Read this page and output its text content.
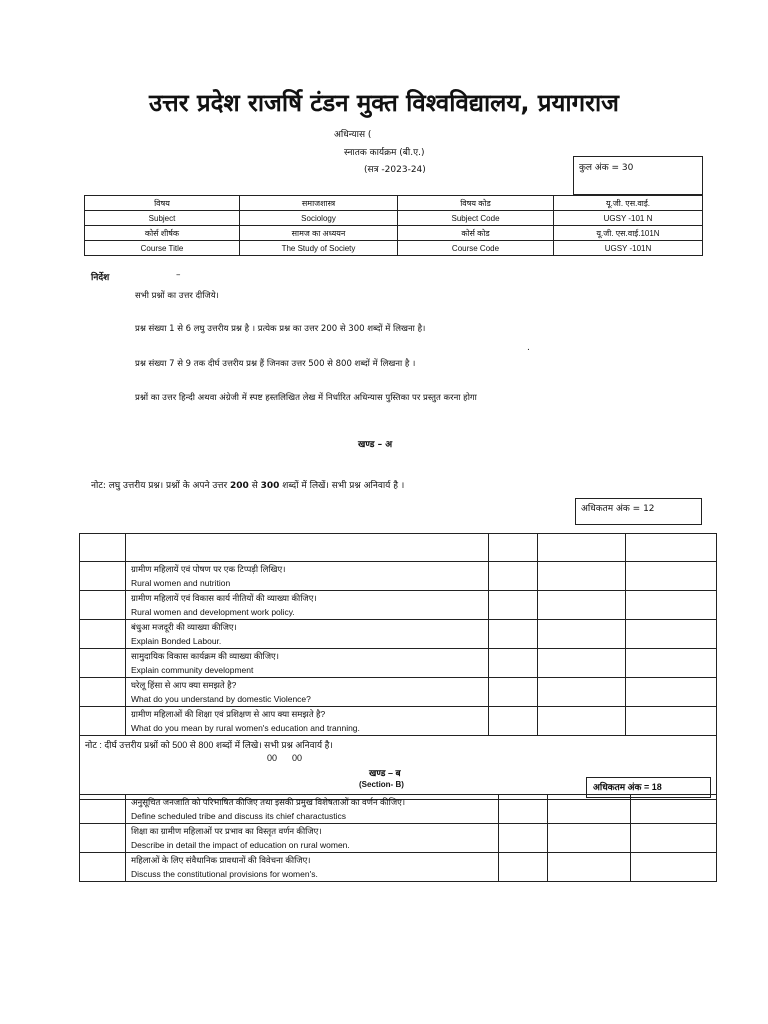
उत्तर प्रदेश राजर्षि टंडन मुक्त विश्वविद्यालय, प्रयागराज
अधिन्यास (
स्नातक कार्यक्रम (बी.ए.)
(सत्र -2023-24)	कुल अंक = 30
विषय	समाजशास्त्र	विषय कोड	यू.जी. एस.वाई.
Subject	Sociology	Subject Code	UGSY -101 N
कोर्स शीर्षक	सामज का अध्ययन	कोर्स कोड	यू.जी. एस.वाई.101N
Course Title	The Study of Society	Course Code	UGSY -101N
निर्देश	–
सभी प्रश्नों का उत्तर दीजिये।
प्रश्न संख्या 1 से 6 लघु उत्तरीय प्रश्न है । प्रत्येक प्रश्न का उत्तर 200 से 300 शब्दों में लिखना है।
प्रश्न संख्या 7 से 9 तक दीर्घ उत्तरीय प्रश्न हैं जिनका उत्तर 500 से 800 शब्दों में लिखना है ।
.
प्रश्नों का उत्तर हिन्दी अथवा अंग्रेजी में स्पष्ट हस्तलिखित लेख में निर्धारित अधिन्यास पुस्तिका पर प्रस्तुत करना होगा
खण्ड – अ
नोट: लघु उत्तरीय प्रश्न। प्रश्नों के अपने उत्तर 200 से 300 शब्दों में लिखें। सभी प्रश्न अनिवार्य है ।
अधिकतम अंक = 12

	ग्रामीण महिलायें एवं पोषण पर एक टिप्पड़ी लिखिए।
Rural women and nutrition			

	ग्रामीण महिलायें एवं विकास कार्य नीतियों की व्याख्या कीजिए।
Rural women and development work policy.			

	बंधुआ मजदूरी की व्याख्या कीजिए।
Explain Bonded Labour.			

	सामुदायिक विकास कार्यक्रम की व्याख्या कीजिए।
Explain community development			

	घरेलू हिंसा से आप क्या समझते है?
What do you understand by domestic Violence?			

	ग्रामीण महिलाओं की शिक्षा एवं प्रशिक्षण से आप क्या समझते है?
What do you mean by rural women's education and tranning.			

नोट : दीर्घ उत्तरीय प्रश्नों को 500 से 800 शब्दों में लिखे। सभी प्रश्न अनिवार्य है।
00      00
खण्ड – ब
(Section- B) अधिकतम अंक = 18				

	अनुसूचित जनजाति को परिभाषित कीजिए तथा इसकी प्रमुख विशेषताओं का वर्णन कीजिए।
Define scheduled tribe and discuss its chief charactustics			

	शिक्षा का ग्रामीण महिलाओं पर प्रभाव का विस्तृत वर्णन कीजिए।
Describe in detail the impact of education on rural women.			

	महिलाओं के लिए संवैधानिक प्रावधानों की विवेचना कीजिए।
Discuss the constitutional provisions for women's.			
